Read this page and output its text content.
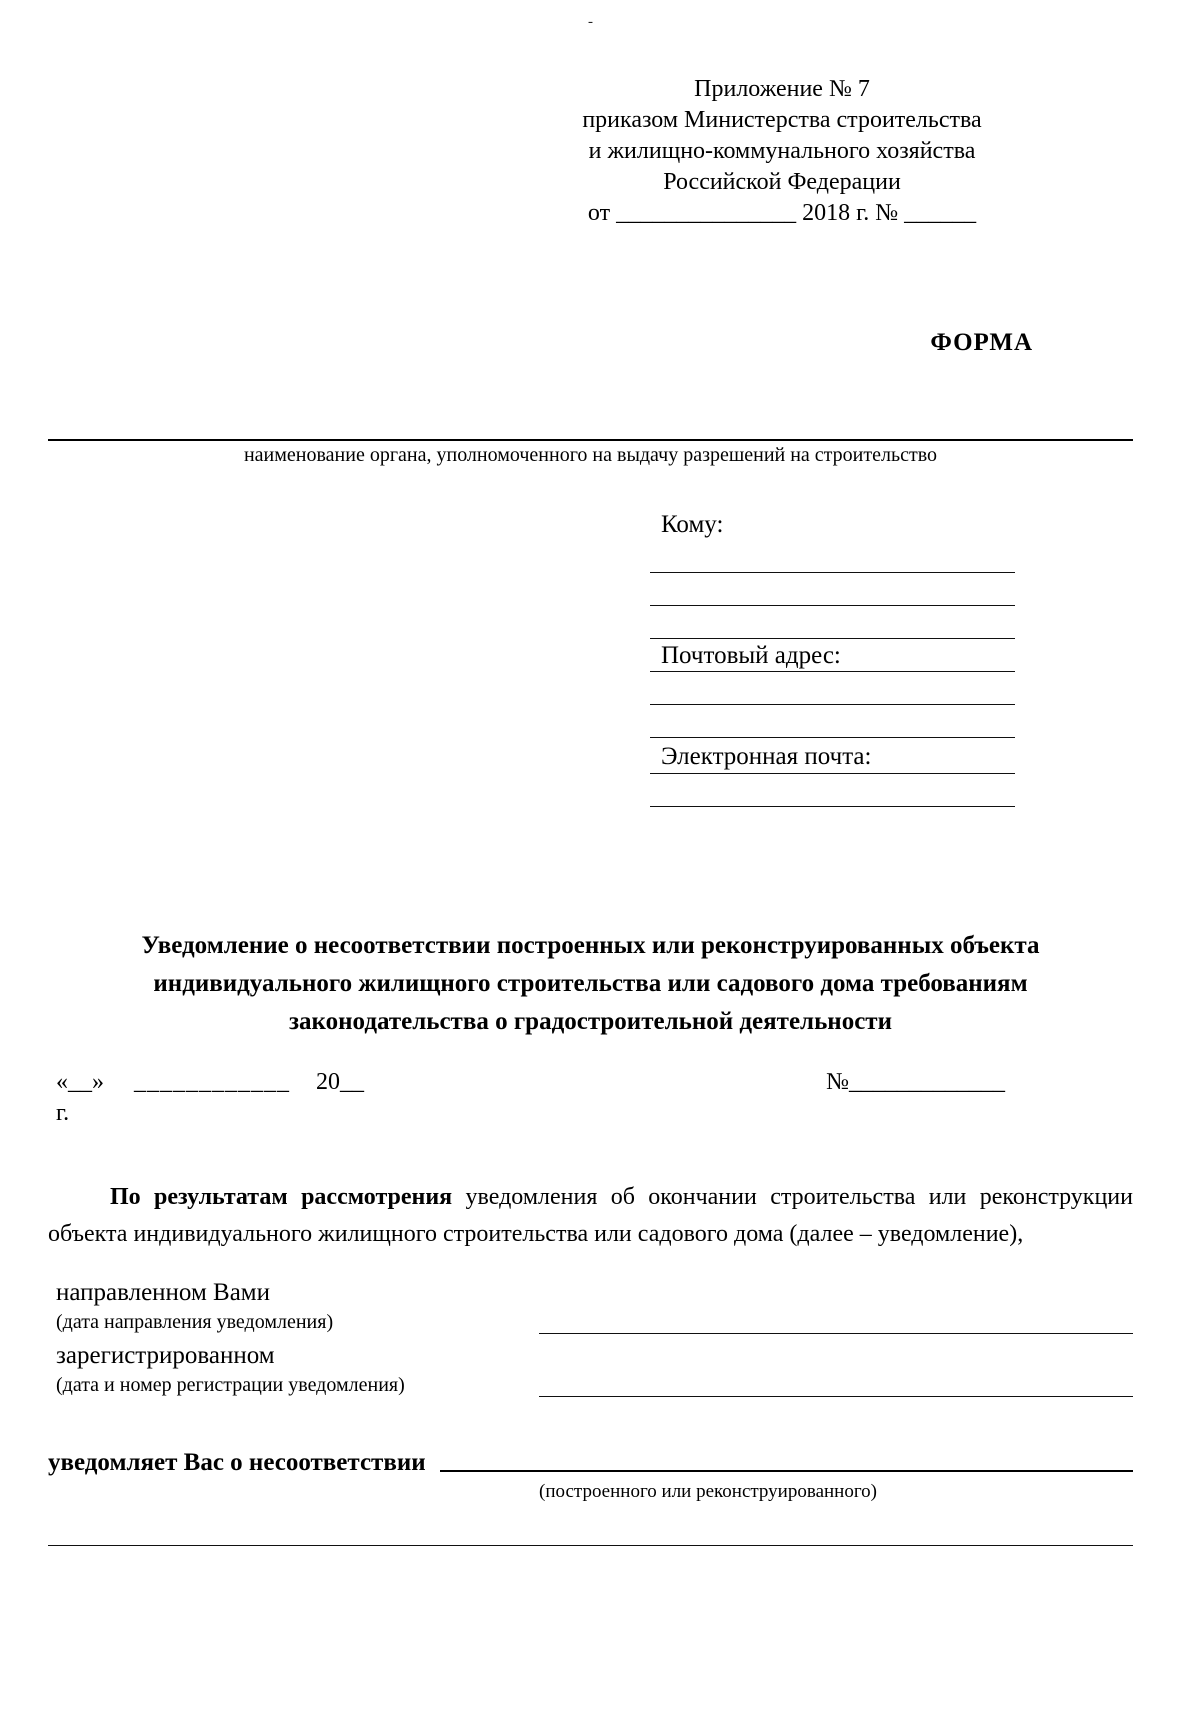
-
Приложение № 7
приказом Министерства строительства
и жилищно-коммунального хозяйства
Российской Федерации
от _______________ 2018 г. № ______
ФОРМА
наименование органа, уполномоченного на выдачу разрешений на строительство
Кому:
Почтовый адрес:
Электронная почта:
Уведомление о несоответствии построенных или реконструированных объекта
индивидуального жилищного строительства или садового дома требованиям
законодательства о градостроительной деятельности
«__» ____________ 20__	№_____________
г.

По результатам рассмотрения уведомления об окончании строительства или реконструкции объекта индивидуального жилищного строительства или садового дома (далее – уведомление),

направленном Вами
(дата направления уведомления)
зарегистрированном
(дата и номер регистрации уведомления)
уведомляет Вас о несоответствии
(построенного или реконструированного)
